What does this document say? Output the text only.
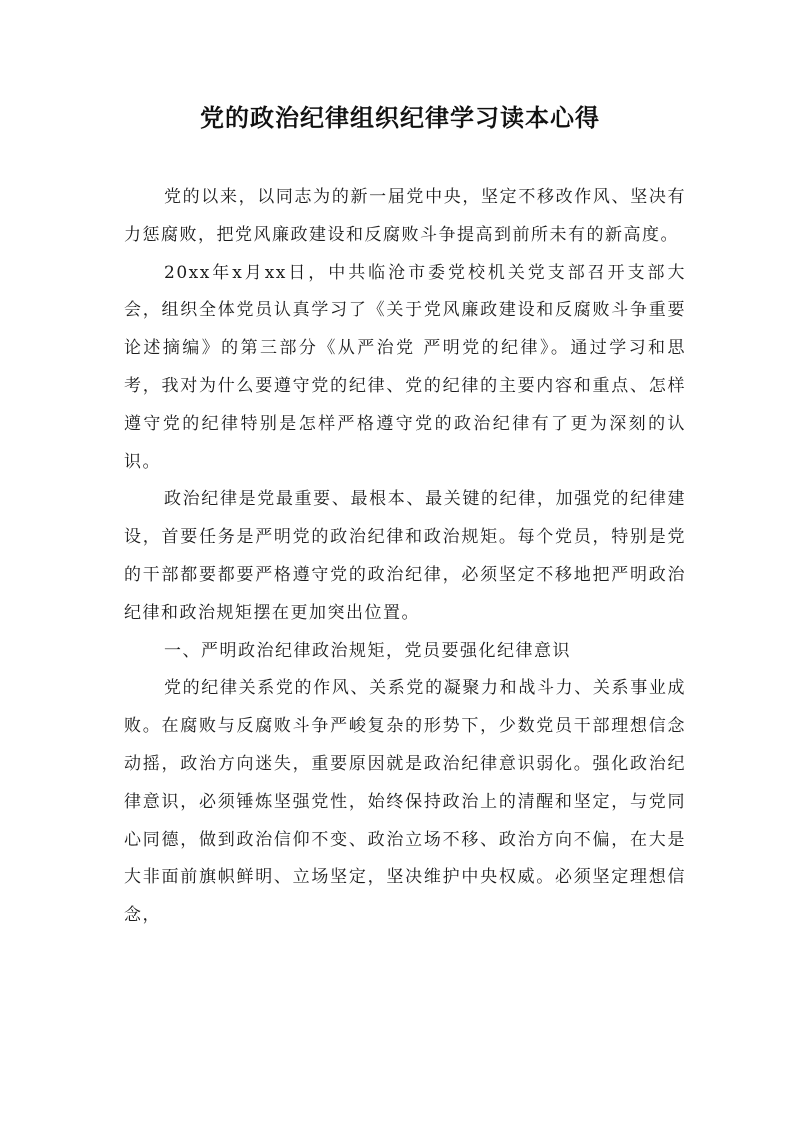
党的政治纪律组织纪律学习读本心得

党的以来，以同志为的新一届党中央，坚定不移改作风、坚决有力惩腐败，把党风廉政建设和反腐败斗争提高到前所未有的新高度。

20xx年x月xx日，中共临沧市委党校机关党支部召开支部大会，组织全体党员认真学习了《关于党风廉政建设和反腐败斗争重要论述摘编》的第三部分《从严治党 严明党的纪律》。通过学习和思考，我对为什么要遵守党的纪律、党的纪律的主要内容和重点、怎样遵守党的纪律特别是怎样严格遵守党的政治纪律有了更为深刻的认识。

政治纪律是党最重要、最根本、最关键的纪律，加强党的纪律建设，首要任务是严明党的政治纪律和政治规矩。每个党员，特别是党的干部都要都要严格遵守党的政治纪律，必须坚定不移地把严明政治纪律和政治规矩摆在更加突出位置。

一、严明政治纪律政治规矩，党员要强化纪律意识

党的纪律关系党的作风、关系党的凝聚力和战斗力、关系事业成败。在腐败与反腐败斗争严峻复杂的形势下，少数党员干部理想信念动摇，政治方向迷失，重要原因就是政治纪律意识弱化。强化政治纪律意识，必须锤炼坚强党性，始终保持政治上的清醒和坚定，与党同心同德，做到政治信仰不变、政治立场不移、政治方向不偏，在大是大非面前旗帜鲜明、立场坚定，坚决维护中央权威。必须坚定理想信念，
